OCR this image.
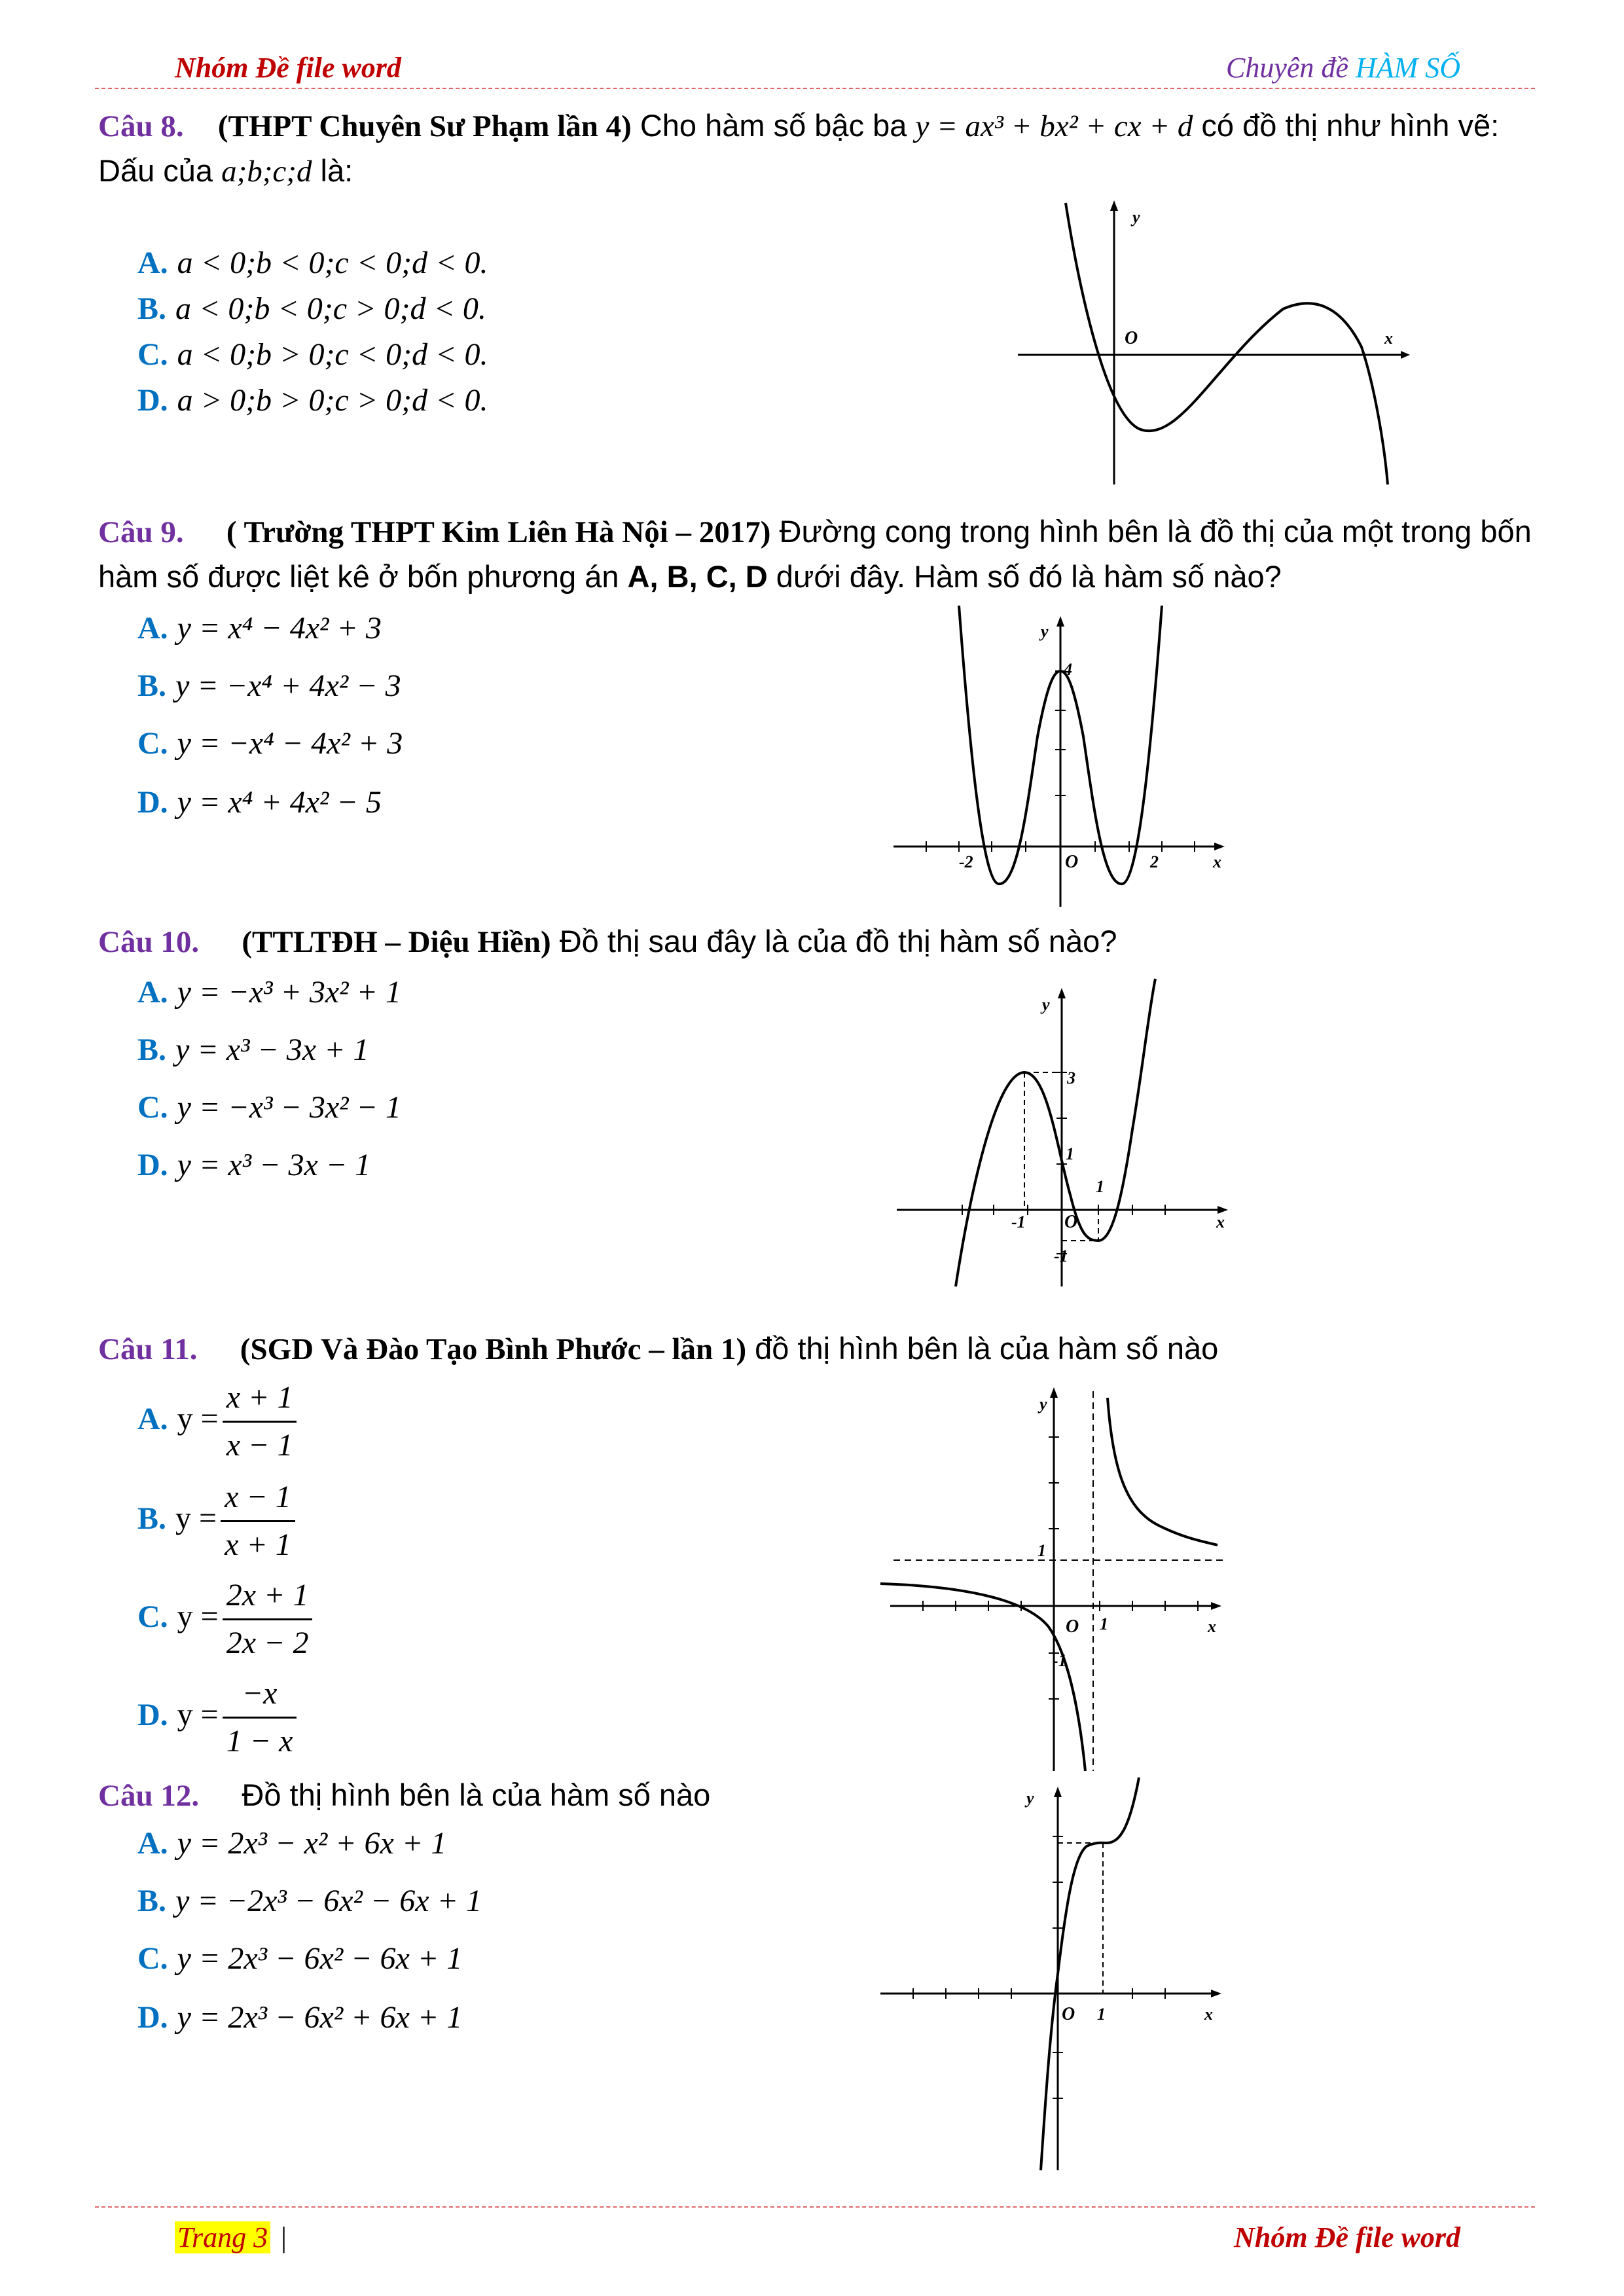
Nhóm Đề file word	Chuyên đề HÀM SỐ
Câu 8. (THPT Chuyên Sư Phạm lần 4) Cho hàm số bậc ba y = ax³ + bx² + cx + d có đồ thị như hình vẽ: Dấu của a;b;c;d là:
A. a < 0;b < 0;c < 0;d < 0.
B. a < 0;b < 0;c > 0;d < 0.
C. a < 0;b > 0;c < 0;d < 0.
D. a > 0;b > 0;c > 0;d < 0.
y
O	x
Câu 9. ( Trường THPT Kim Liên Hà Nội – 2017) Đường cong trong hình bên là đồ thị của một trong bốn hàm số được liệt kê ở bốn phương án A, B, C, D dưới đây. Hàm số đó là hàm số nào?
A. y = x⁴ − 4x² + 3
B. y = −x⁴ + 4x² − 3
C. y = −x⁴ − 4x² + 3
D. y = x⁴ + 4x² − 5
y
4
-2	O	2	x
Câu 10. (TTLTĐH – Diệu Hiền) Đồ thị sau đây là của đồ thị hàm số nào?
A. y = −x³ + 3x² + 1
B. y = x³ − 3x + 1
C. y = −x³ − 3x² − 1
D. y = x³ − 3x − 1
y
3
1
1
-1 O
-1
x
Câu 11. (SGD Và Đào Tạo Bình Phước – lần 1) đồ thị hình bên là của hàm số nào
A. $y = \frac{x + 1}{x - 1}$
B. $y = \frac{x - 1}{x + 1}$
C. $y = \frac{2x + 1}{2x - 2}$
D. $y = \frac{-x}{1 - x}$
y
1
O 1
-1
x
Câu 12.     Đồ thị hình bên là của hàm số nào
A. y = 2x³ − x² + 6x + 1
B. y = −2x³ − 6x² − 6x + 1
C. y = 2x³ − 6x² − 6x + 1
D. y = 2x³ − 6x² + 6x + 1
y
O 1	x
Trang 3 |	Nhóm Đề file word
